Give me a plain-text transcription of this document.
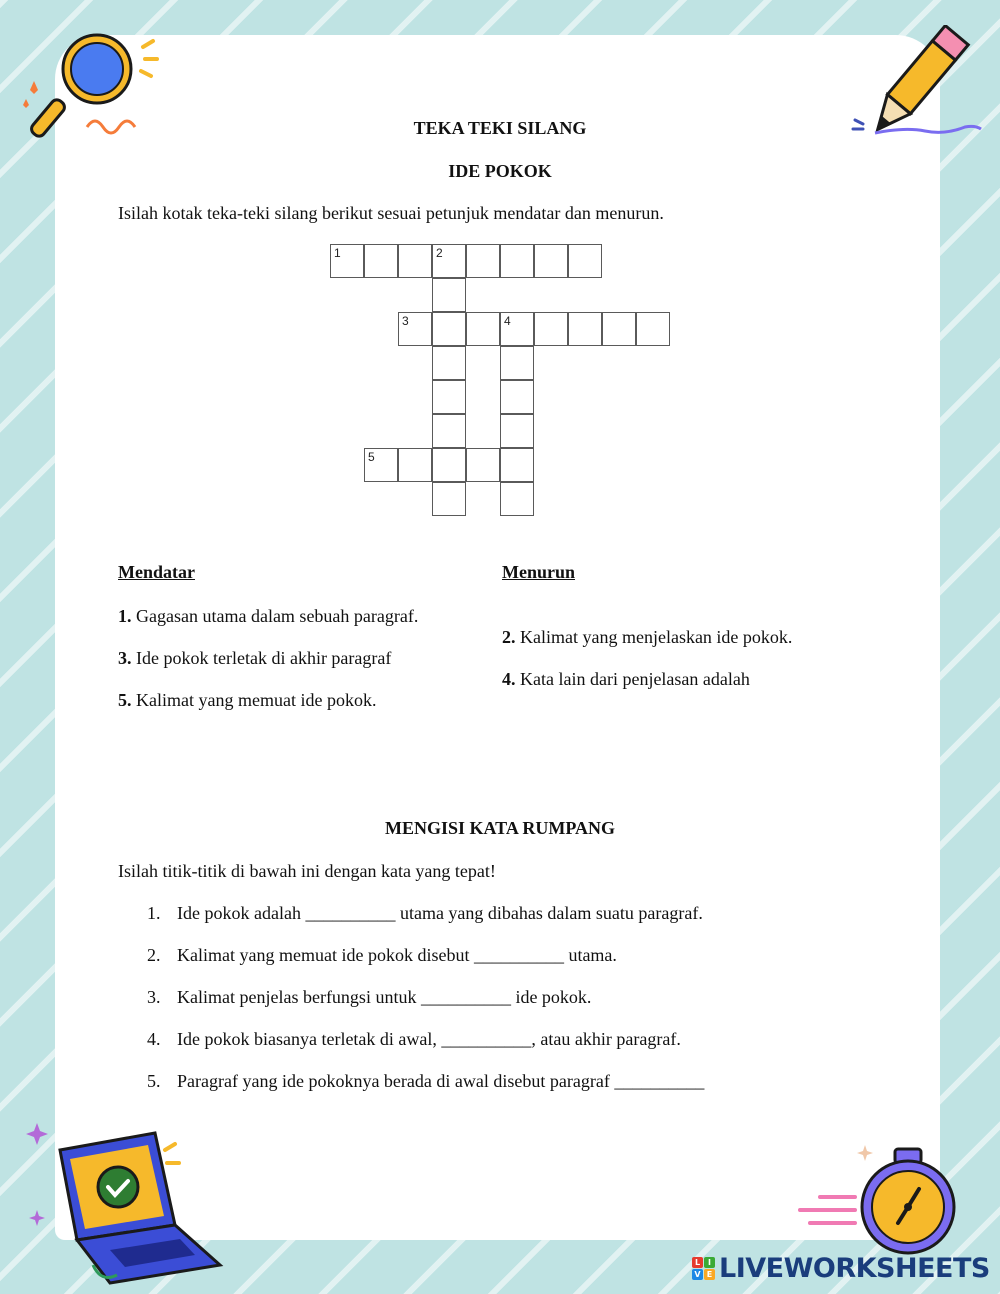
TEKA TEKI SILANG
IDE POKOK
Isilah kotak teka-teki silang berikut sesuai petunjuk mendatar dan menurun.
1	2
3	4
5
Mendatar	Menurun
1. Gagasan utama dalam sebuah paragraf.
3. Ide pokok terletak di akhir paragraf
5. Kalimat yang memuat ide pokok.
2. Kalimat yang menjelaskan ide pokok.
4. Kata lain dari penjelasan adalah
MENGISI KATA RUMPANG
Isilah titik-titik di bawah ini dengan kata yang tepat!
1. Ide pokok adalah __________ utama yang dibahas dalam suatu paragraf.
2. Kalimat yang memuat ide pokok disebut __________ utama.
3. Kalimat penjelas berfungsi untuk __________ ide pokok.
4. Ide pokok biasanya terletak di awal, __________, atau akhir paragraf.
5. Paragraf yang ide pokoknya berada di awal disebut paragraf __________
L I
V E LIVEWORKSHEETS
